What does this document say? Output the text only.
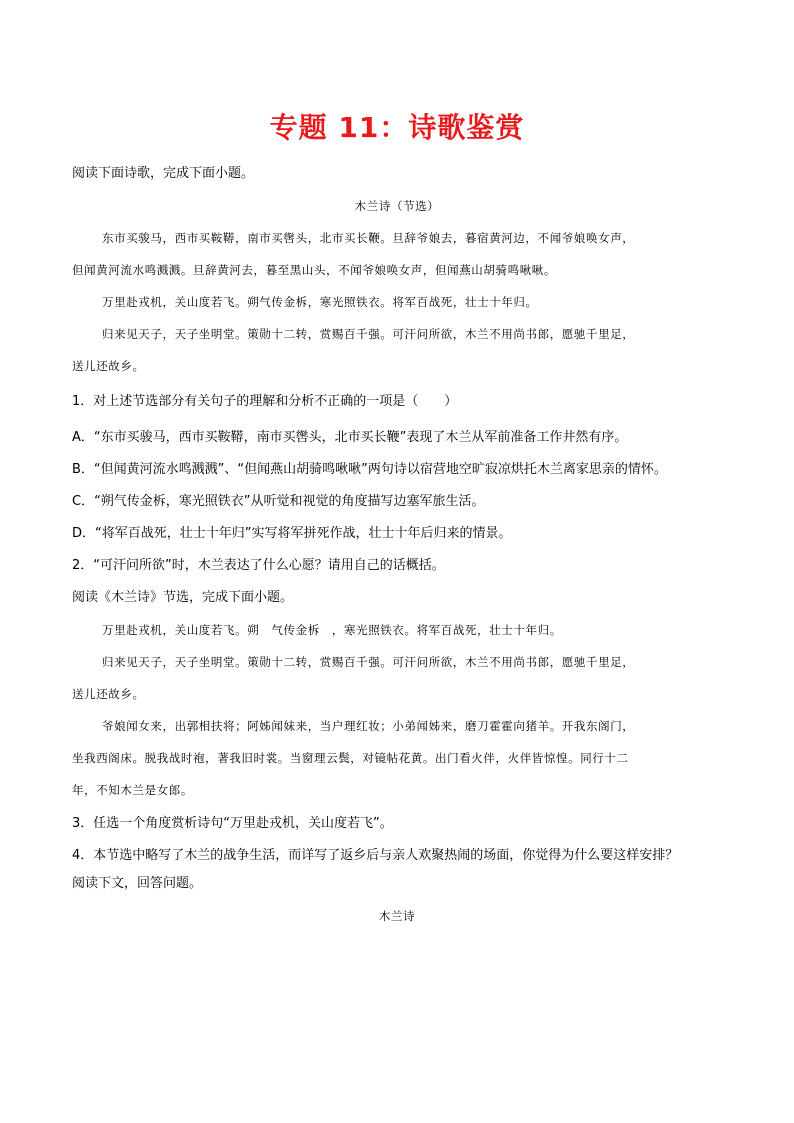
专题 11：诗歌鉴赏
阅读下面诗歌，完成下面小题。
木兰诗（节选）
东市买骏马，西市买鞍鞯，南市买辔头，北市买长鞭。旦辞爷娘去，暮宿黄河边，不闻爷娘唤女声，
但闻黄河流水鸣溅溅。旦辞黄河去，暮至黑山头，不闻爷娘唤女声，但闻燕山胡骑鸣啾啾。
万里赴戎机，关山度若飞。朔气传金柝，寒光照铁衣。将军百战死，壮士十年归。
归来见天子，天子坐明堂。策勋十二转，赏赐百千强。可汗问所欲，木兰不用尚书郎，愿驰千里足，
送儿还故乡。
1．对上述节选部分有关句子的理解和分析不正确的一项是（　　）
A．“东市买骏马，西市买鞍鞯，南市买辔头，北市买长鞭”表现了木兰从军前准备工作井然有序。
B．“但闻黄河流水鸣溅溅”、“但闻燕山胡骑鸣啾啾”两句诗以宿营地空旷寂凉烘托木兰离家思亲的情怀。
C．“朔气传金柝，寒光照铁衣”从听觉和视觉的角度描写边塞军旅生活。
D．“将军百战死，壮士十年归”实写将军拼死作战，壮士十年后归来的情景。
2．“可汗问所欲”时，木兰表达了什么心愿？请用自己的话概括。
阅读《木兰诗》节选，完成下面小题。
万里赴戎机，关山度若飞。朔　气传金柝　，寒光照铁衣。将军百战死，壮士十年归。
归来见天子，天子坐明堂。策勋十二转，赏赐百千强。可汗问所欲，木兰不用尚书郎，愿驰千里足，
送儿还故乡。
爷娘闻女来，出郭相扶将；阿姊闻妹来，当户理红妆；小弟闻姊来，磨刀霍霍向猪羊。开我东阁门，
坐我西阁床。脱我战时袍，著我旧时裳。当窗理云鬓，对镜帖花黄。出门看火伴，火伴皆惊惶。同行十二
年，不知木兰是女郎。
3．任选一个角度赏析诗句“万里赴戎机，关山度若飞”。
4．本节选中略写了木兰的战争生活，而详写了返乡后与亲人欢聚热闹的场面，你觉得为什么要这样安排？
阅读下文，回答问题。
木兰诗
